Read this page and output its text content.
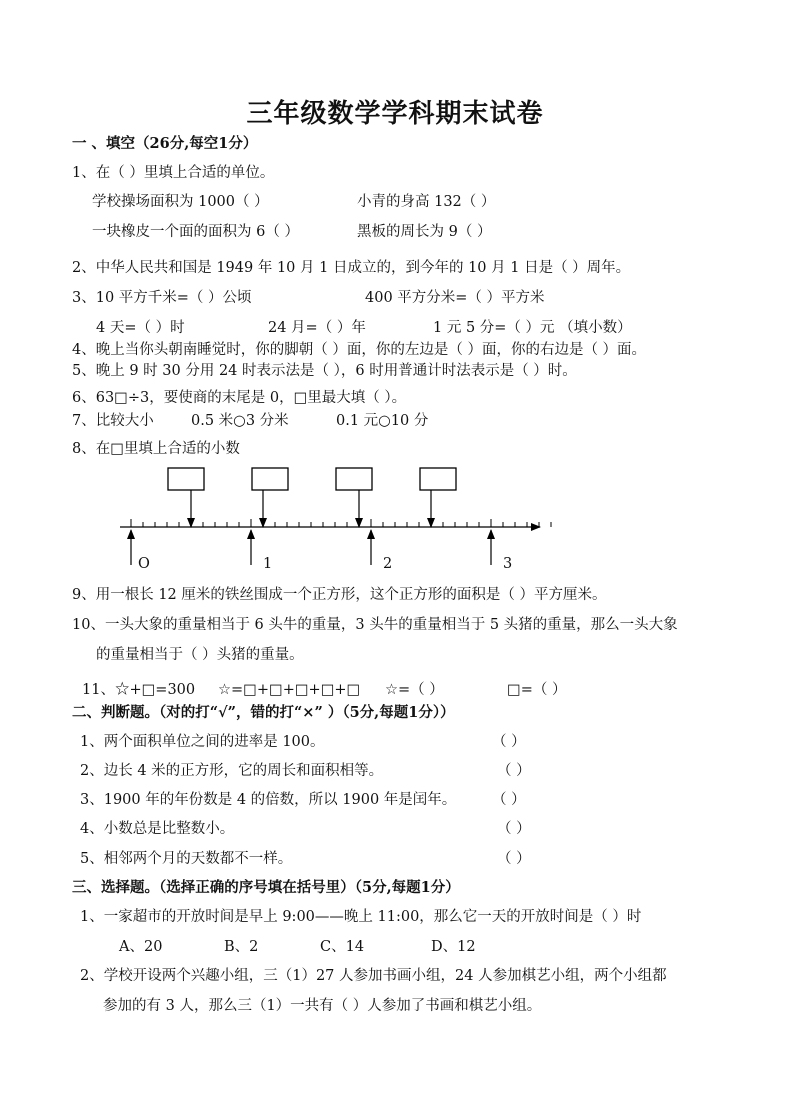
三年级数学学科期末试卷
一 、填空（26分,每空1分）
1、在（ ）里填上合适的单位。
学校操场面积为 1000（ ）	小青的身高 132（ ）
一块橡皮一个面的面积为 6（ ）	黑板的周长为 9（ ）
2、中华人民共和国是 1949 年 10 月 1 日成立的，到今年的 10 月 1 日是（ ）周年。
3、10 平方千米=（ ）公顷	400 平方分米=（ ）平方米
4 天=（ ）时	24 月=（ ）年	1 元 5 分=（ ）元 （填小数）
4、晚上当你头朝南睡觉时，你的脚朝（ ）面，你的左边是（ ）面，你的右边是（ ）面。
5、晚上 9 时 30 分用 24 时表示法是（ ），6 时用普通计时法表示是（ ）时。
6、63□÷3，要使商的末尾是 0，□里最大填（ ）。
7、比较大小	0.5 米○3 分米	0.1 元○10 分
8、在□里填上合适的小数
O	1	2	3
9、用一根长 12 厘米的铁丝围成一个正方形，这个正方形的面积是（ ）平方厘米。
10、一头大象的重量相当于 6 头牛的重量，3 头牛的重量相当于 5 头猪的重量，那么一头大象
的重量相当于（ ）头猪的重量。
11、☆+□=300 ☆=□+□+□+□+□ ☆=（ ）	□=（ ）
二、判断题。（对的打“√”，错的打“×” ）（5分,每题1分））
1、两个面积单位之间的进率是 100。	（ ）
2、边长 4 米的正方形，它的周长和面积相等。	（ ）
3、1900 年的年份数是 4 的倍数，所以 1900 年是闰年。 （ ）
4、小数总是比整数小。	（ ）
5、相邻两个月的天数都不一样。	（ ）
三、选择题。（选择正确的序号填在括号里）（5分,每题1分）
1、一家超市的开放时间是早上 9:00——晚上 11:00，那么它一天的开放时间是（ ）时
A、20	B、2	C、14	D、12
2、学校开设两个兴趣小组，三（1）27 人参加书画小组，24 人参加棋艺小组，两个小组都
参加的有 3 人，那么三（1）一共有（ ）人参加了书画和棋艺小组。
